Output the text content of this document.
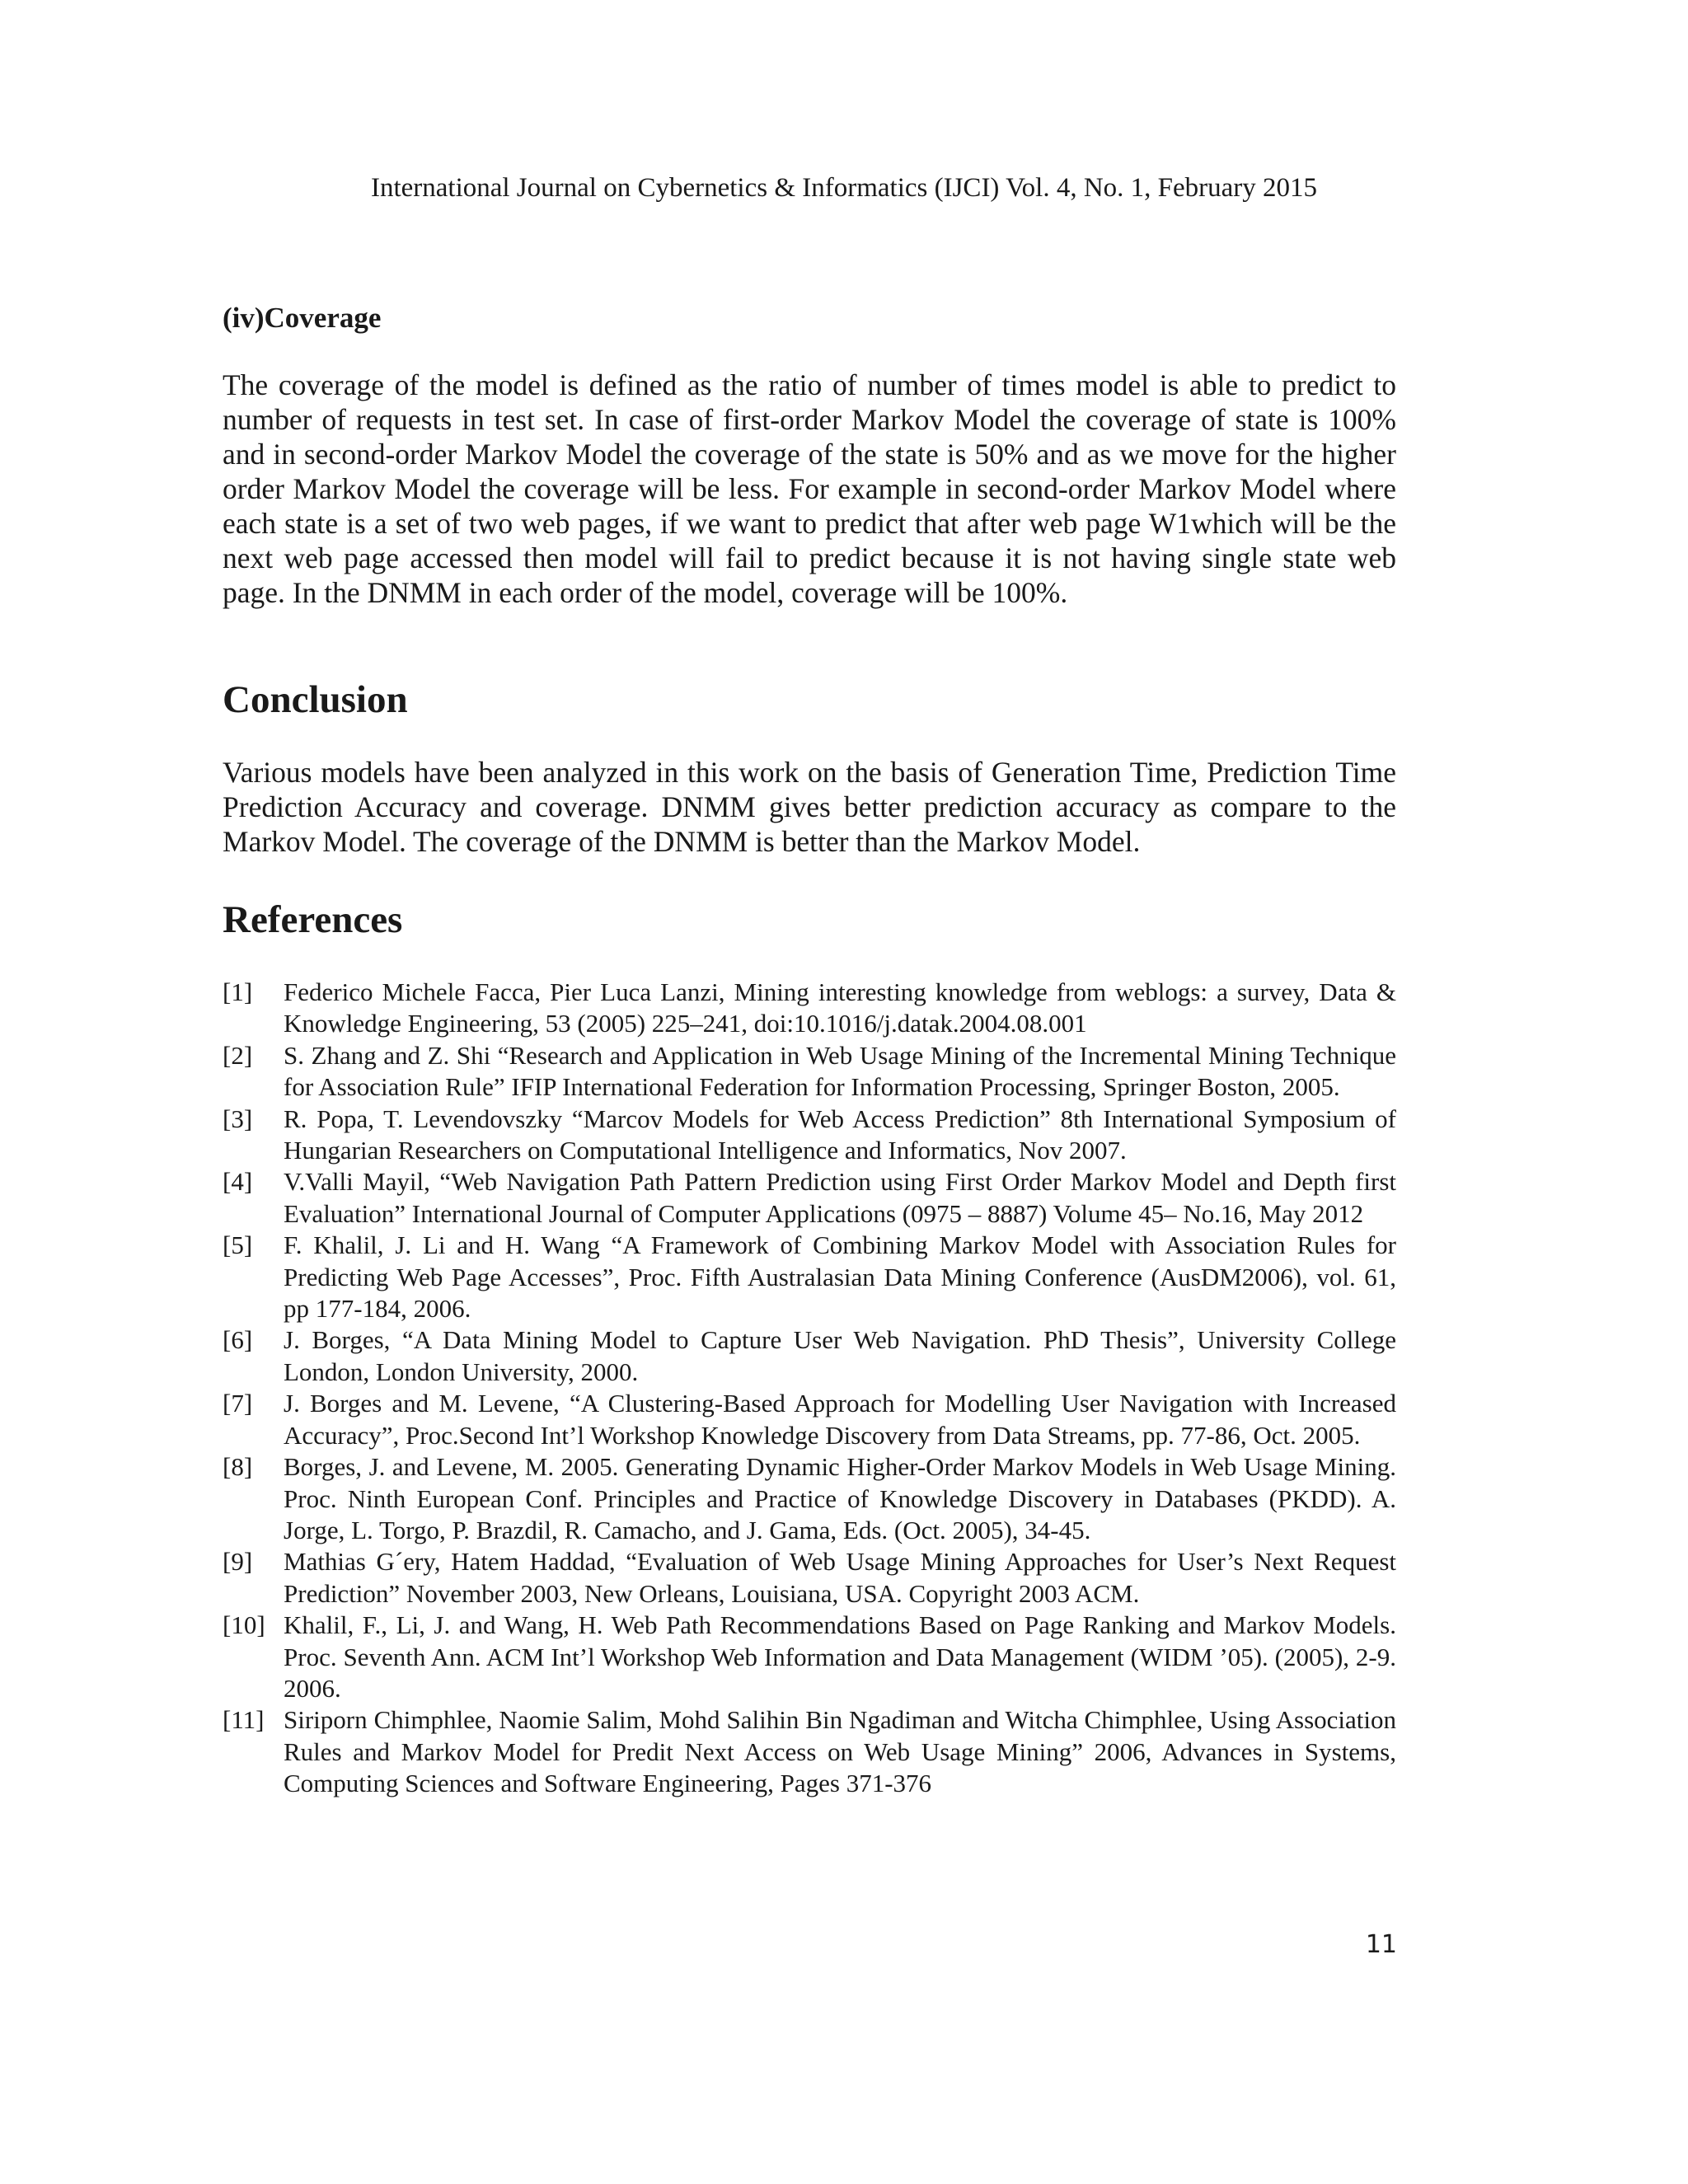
International Journal on Cybernetics & Informatics (IJCI) Vol. 4, No. 1, February 2015
(iv)Coverage

The coverage of the model is defined as the ratio of number of times model is able to predict to number of requests in test set. In case of first-order Markov Model the coverage of state is 100% and in second-order Markov Model the coverage of the state is 50% and as we move for the higher order Markov Model the coverage will be less. For example in second-order Markov Model where each state is a set of two web pages, if we want to predict that after web page W1which will be the next web page accessed then model will fail to predict because it is not having single state web page. In the DNMM in each order of the model, coverage will be 100%.

Conclusion

Various models have been analyzed in this work on the basis of Generation Time, Prediction Time Prediction Accuracy and coverage. DNMM gives better prediction accuracy as compare to the Markov Model. The coverage of the DNMM is better than the Markov Model.

References
[1] Federico Michele Facca, Pier Luca Lanzi, Mining interesting knowledge from weblogs: a survey, Data & Knowledge Engineering, 53 (2005) 225–241, doi:10.1016/j.datak.2004.08.001
[2] S. Zhang and Z. Shi “Research and Application in Web Usage Mining of the Incremental Mining Technique for Association Rule” IFIP International Federation for Information Processing, Springer Boston, 2005.
[3] R. Popa, T. Levendovszky “Marcov Models for Web Access Prediction” 8th International Symposium of Hungarian Researchers on Computational Intelligence and Informatics, Nov 2007.
[4] V.Valli Mayil, “Web Navigation Path Pattern Prediction using First Order Markov Model and Depth first Evaluation” International Journal of Computer Applications (0975 – 8887) Volume 45– No.16, May 2012
[5] F. Khalil, J. Li and H. Wang “A Framework of Combining Markov Model with Association Rules for Predicting Web Page Accesses”, Proc. Fifth Australasian Data Mining Conference (AusDM2006), vol. 61, pp 177-184, 2006.
[6] J. Borges, “A Data Mining Model to Capture User Web Navigation. PhD Thesis”, University College London, London University, 2000.
[7] J. Borges and M. Levene, “A Clustering-Based Approach for Modelling User Navigation with Increased Accuracy”, Proc.Second Int’l Workshop Knowledge Discovery from Data Streams, pp. 77-86, Oct. 2005.
[8] Borges, J. and Levene, M. 2005. Generating Dynamic Higher-Order Markov Models in Web Usage Mining. Proc. Ninth European Conf. Principles and Practice of Knowledge Discovery in Databases (PKDD). A. Jorge, L. Torgo, P. Brazdil, R. Camacho, and J. Gama, Eds. (Oct. 2005), 34-45.
[9] Mathias G´ery, Hatem Haddad, “Evaluation of Web Usage Mining Approaches for User’s Next Request Prediction” November 2003, New Orleans, Louisiana, USA. Copyright 2003 ACM.
[10] Khalil, F., Li, J. and Wang, H. Web Path Recommendations Based on Page Ranking and Markov Models. Proc. Seventh Ann. ACM Int’l Workshop Web Information and Data Management (WIDM ’05). (2005), 2-9. 2006.
[11] Siriporn Chimphlee, Naomie Salim, Mohd Salihin Bin Ngadiman and Witcha Chimphlee, Using Association Rules and Markov Model for Predit Next Access on Web Usage Mining” 2006, Advances in Systems, Computing Sciences and Software Engineering, Pages 371-376
11
